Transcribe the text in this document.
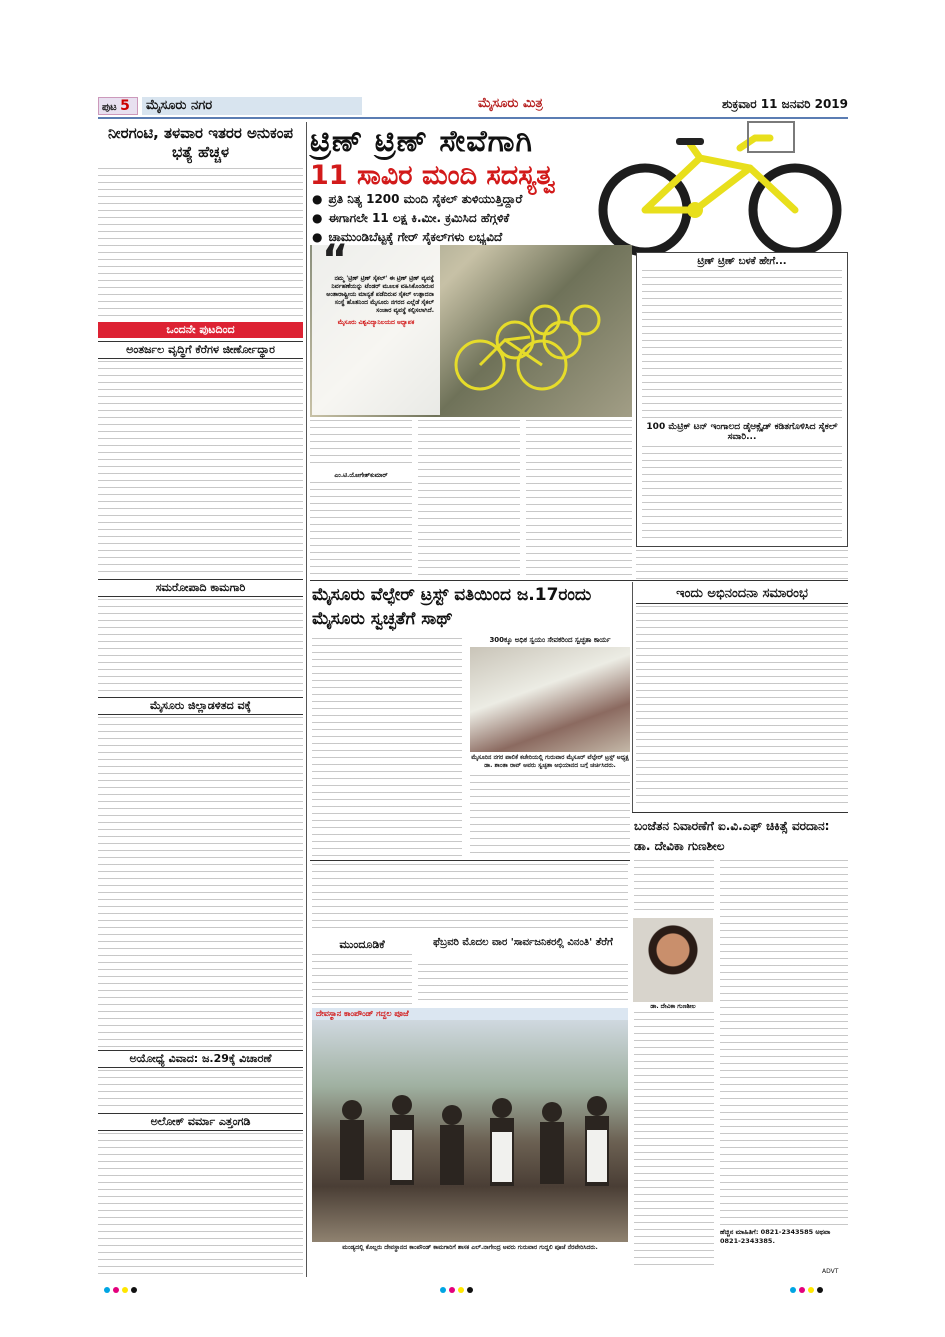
ಪುಟ 5	ಮೈಸೂರು ನಗರ	ಮೈಸೂರು ಮಿತ್ರ	ಶುಕ್ರವಾರ 11 ಜನವರಿ 2019
ನೀರಗಂಟಿ, ತಳವಾರ ಇತರರ ಅನುಕಂಪ ಭತ್ಯೆ ಹೆಚ್ಚಳ
ಒಂದನೇ ಪುಟದಿಂದ
ಅಂತರ್ಜಲ ವೃದ್ಧಿಗೆ ಕೆರೆಗಳ ಜೀರ್ಣೋದ್ಧಾರ
ಸಮರೋಪಾದಿ ಕಾಮಗಾರಿ
ಮೈಸೂರು ಜಿಲ್ಲಾಡಳಿತದ ವಕ್ಕೆ
ಅಯೋಧ್ಯೆ ವಿವಾದ: ಜ.29ಕ್ಕೆ ವಿಚಾರಣೆ
ಅಲೋಕ್ ವರ್ಮಾ ಎತ್ತಂಗಡಿ
ಟ್ರಿಣ್ ಟ್ರಿಣ್ ಸೇವೆಗಾಗಿ
11 ಸಾವಿರ ಮಂದಿ ಸದಸ್ಯತ್ವ
● ಪ್ರತಿ ನಿತ್ಯ 1200 ಮಂದಿ ಸೈಕಲ್ ತುಳಿಯುತ್ತಿದ್ದಾರೆ
● ಈಗಾಗಲೇ 11 ಲಕ್ಷ ಕಿ.ಮೀ. ಕ್ರಮಿಸಿದ ಹೆಗ್ಗಳಿಕೆ
● ಚಾಮುಂಡಿಬೆಟ್ಟಕ್ಕೆ ಗೇರ್ ಸೈಕಲ್‌ಗಳು ಲಭ್ಯವಿದೆ
“
ನಮ್ಮ 'ಟ್ರಿಣ್ ಟ್ರಿಣ್ ಸೈಕಲ್' ಈ ಟ್ರಿಣ್ ಟ್ರಿಣ್ ವ್ಯವಸ್ಥೆ ನಿರ್ವಹಣೆಯನ್ನು ಟೆಂಡರ್ ಮೂಲಕ ವಹಿಸಿಕೊಂಡಿರುವ ಅಂತಾರಾಷ್ಟ್ರೀಯ ಮಾನ್ಯತೆ ಪಡೆದಿರುವ ಸೈಕಲ್ ಉತ್ಪಾದನಾ ಸಂಸ್ಥೆ ಹೊತನಿಂದ ಮೈಸೂರು ನಗರದ ಎಲ್ಲೆಡೆ ಸೈಕಲ್ ಸಂಚಾರ ವ್ಯವಸ್ಥೆ ಕಲ್ಪಿಸಲಾಗಿದೆ.
ಮೈಸೂರು ವಿಶ್ವವಿದ್ಯಾನಿಲಯದ ಅಧ್ಯಾಪಕ
ಎಂ.ಟಿ.ಯೋಗೇಶ್‌ಕುಮಾರ್
ಟ್ರಿಣ್ ಟ್ರಿಣ್ ಬಳಕೆ ಹೇಗೆ...
100 ಮೆಟ್ರಿಕ್ ಟನ್ ಇಂಗಾಲದ ಡೈಆಕ್ಸೈಡ್ ಕಡಿತಗೊಳಿಸಿದ ಸೈಕಲ್ ಸವಾರಿ...
ಮೈಸೂರು ವೆಲ್ಫೇರ್ ಟ್ರಸ್ಟ್ ವತಿಯಿಂದ ಜ.17ರಂದು ಮೈಸೂರು ಸ್ವಚ್ಛತೆಗೆ ಸಾಥ್
300ಕ್ಕೂ ಅಧಿಕ ಸ್ವಯಂ ಸೇವಕರಿಂದ ಸ್ವಚ್ಛತಾ ಕಾರ್ಯ
ಮೈಸೂರಿನ ನಗರ ಪಾಲಿಕೆ ಕಚೇರಿಯಲ್ಲಿ ಗುರುವಾರ ಮೈಸೂರ್ ವೆಲ್ಫೇರ್ ಟ್ರಸ್ಟ್ ಅಧ್ಯಕ್ಷ ಡಾ. ಶಾಂತಾ ರಾವ್ ಅವರು ಸ್ವಚ್ಛತಾ ಅಭಿಯಾನದ ಬಗ್ಗೆ ಚರ್ಚಿಸಿದರು.
ಇಂದು ಅಭಿನಂದನಾ ಸಮಾರಂಭ
ಬಂಜೆತನ ನಿವಾರಣೆಗೆ ಐ.ವಿ.ಎಫ್ ಚಿಕಿತ್ಸೆ ವರದಾನ: ಡಾ. ದೇವಿಕಾ ಗುಣಶೀಲ
ಡಾ. ದೇವಿಕಾ ಗುಣಶೀಲ
ಹೆಚ್ಚಿನ ಮಾಹಿತಿಗೆ: 0821-2343585 ಅಥವಾ 0821-2343385.
ಮುಂದೂಡಿಕೆ	ಫೆಬ್ರವರಿ ಮೊದಲ ವಾರ 'ಸಾರ್ವಜನಿಕರಲ್ಲಿ ವಿನಂತಿ' ತೆರೆಗೆ
ದೇವಸ್ಥಾನ ಕಾಂಪೌಂಡ್ ಗದ್ದಲ ಪೂಜೆ
ಮಂಡ್ಯದಲ್ಲಿ ಕೊಲ್ಲರು ದೇವಸ್ಥಾನದ ಕಾಂಪೌಂಡ್ ಕಾಮಗಾರಿಗೆ ಶಾಸಕ ಎಲ್.ನಾಗೇಂದ್ರ ಅವರು ಗುರುವಾರ ಗುದ್ದಲಿ ಪೂಜೆ ನೆರವೇರಿಸಿದರು.
ADVT
